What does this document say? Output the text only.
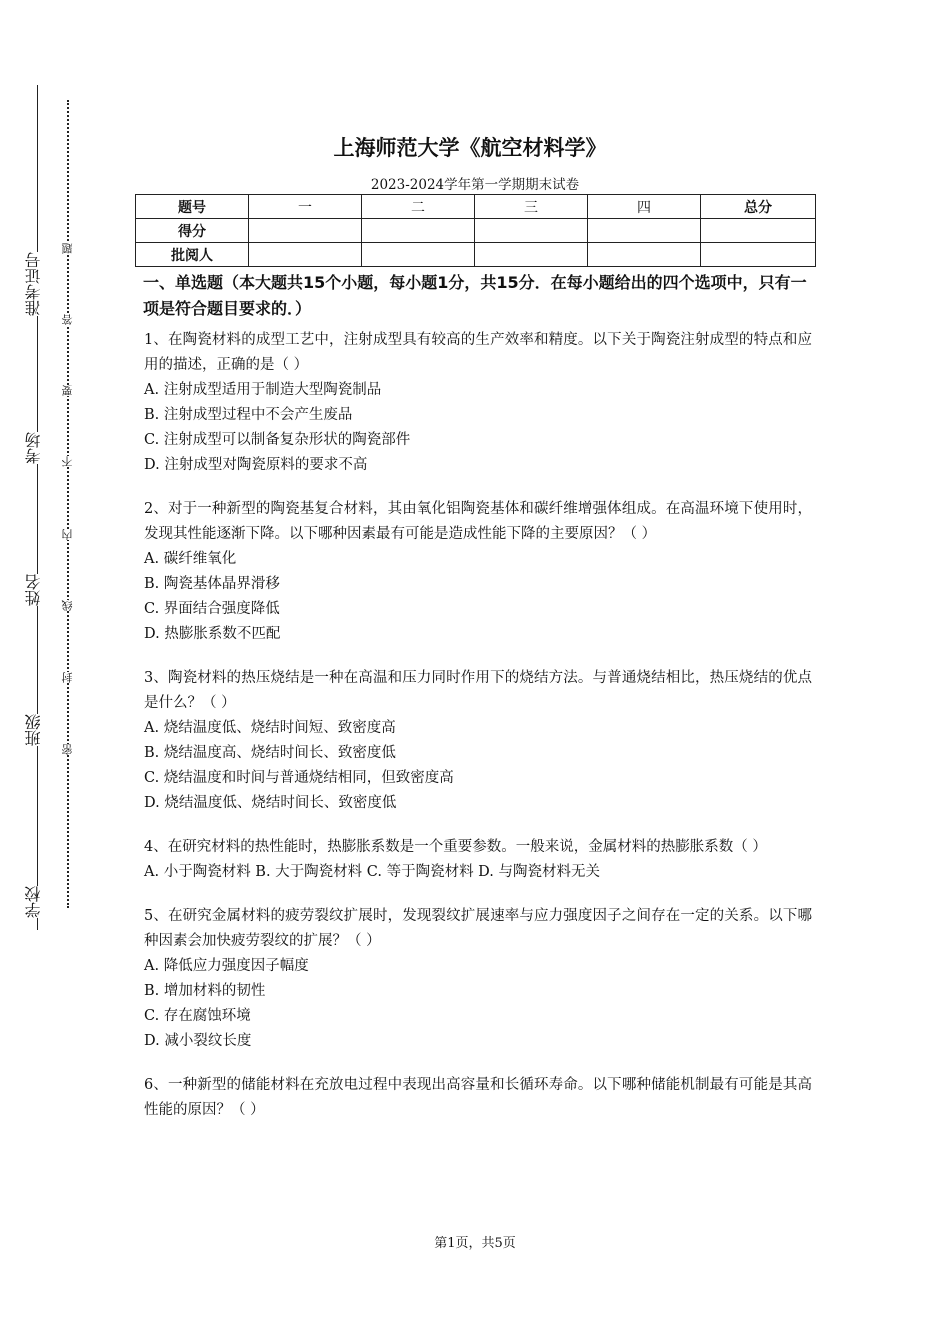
准考证号
考场
姓名
班级
学校
题
答
要
不
内
线
封
密
上海师范大学《航空材料学》
2023-2024学年第一学期期末试卷
题号	一	二	三	四	总分
得分					
批阅人					
一、单选题（本大题共15个小题，每小题1分，共15分．在每小题给出的四个选项中，只有一项是符合题目要求的．）
1、在陶瓷材料的成型工艺中，注射成型具有较高的生产效率和精度。以下关于陶瓷注射成型的特点和应用的描述，正确的是（ ）
A. 注射成型适用于制造大型陶瓷制品
B. 注射成型过程中不会产生废品
C. 注射成型可以制备复杂形状的陶瓷部件
D. 注射成型对陶瓷原料的要求不高
2、对于一种新型的陶瓷基复合材料，其由氧化铝陶瓷基体和碳纤维增强体组成。在高温环境下使用时，发现其性能逐渐下降。以下哪种因素最有可能是造成性能下降的主要原因？（ ）
A. 碳纤维氧化
B. 陶瓷基体晶界滑移
C. 界面结合强度降低
D. 热膨胀系数不匹配
3、陶瓷材料的热压烧结是一种在高温和压力同时作用下的烧结方法。与普通烧结相比，热压烧结的优点是什么？（ ）
A. 烧结温度低、烧结时间短、致密度高
B. 烧结温度高、烧结时间长、致密度低
C. 烧结温度和时间与普通烧结相同，但致密度高
D. 烧结温度低、烧结时间长、致密度低
4、在研究材料的热性能时，热膨胀系数是一个重要参数。一般来说，金属材料的热膨胀系数（ ）
A. 小于陶瓷材料 B. 大于陶瓷材料 C. 等于陶瓷材料 D. 与陶瓷材料无关
5、在研究金属材料的疲劳裂纹扩展时，发现裂纹扩展速率与应力强度因子之间存在一定的关系。以下哪种因素会加快疲劳裂纹的扩展？（ ）
A. 降低应力强度因子幅度
B. 增加材料的韧性
C. 存在腐蚀环境
D. 减小裂纹长度
6、一种新型的储能材料在充放电过程中表现出高容量和长循环寿命。以下哪种储能机制最有可能是其高性能的原因？（ ）
第1页，共5页
